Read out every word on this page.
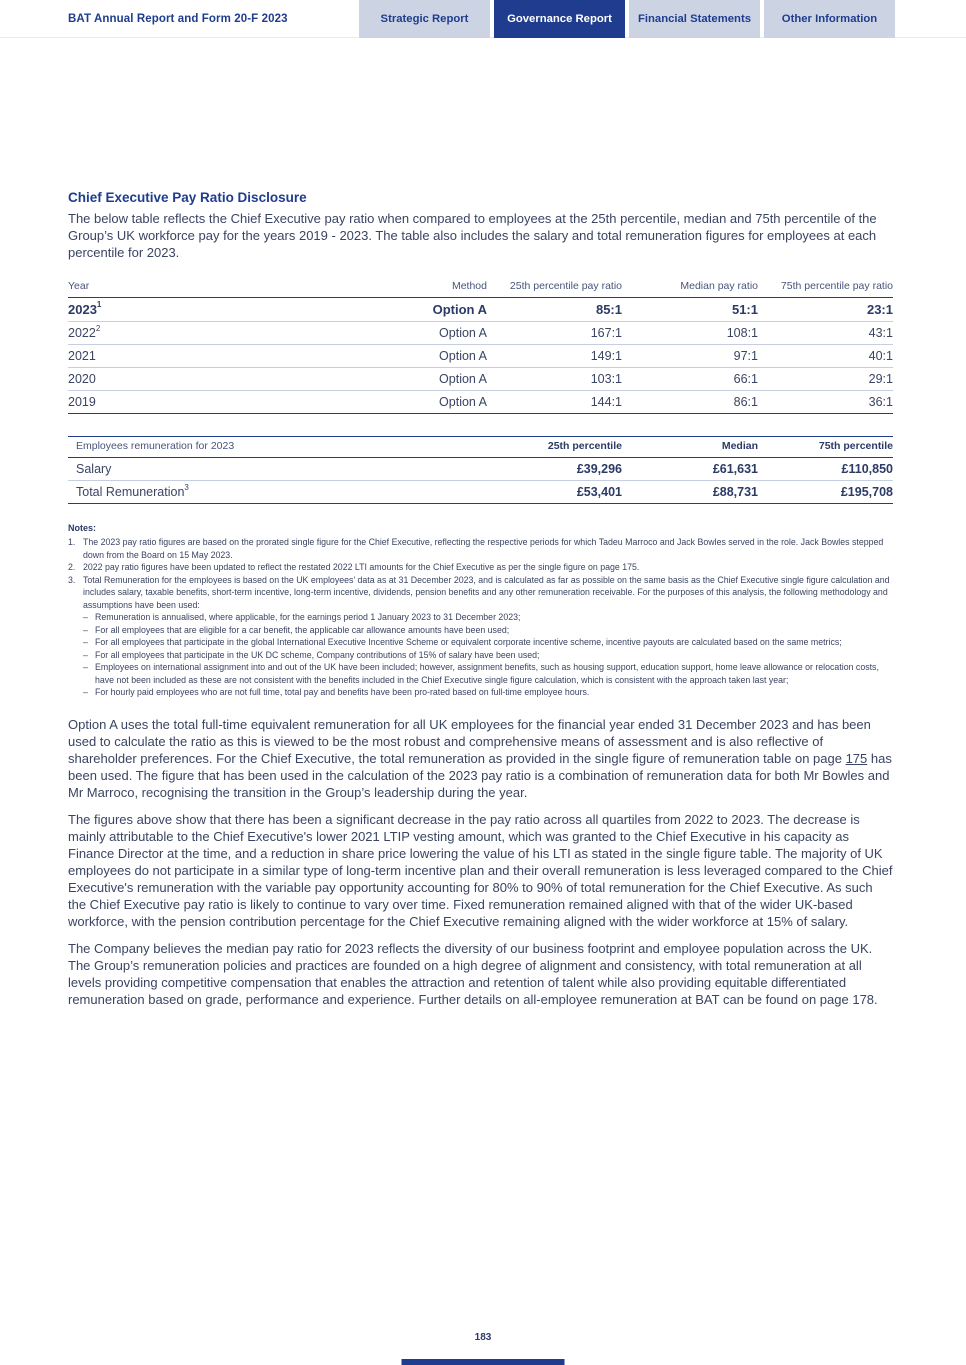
BAT Annual Report and Form 20-F 2023	Strategic Report	Governance Report	Financial Statements	Other Information
Chief Executive Pay Ratio Disclosure

The below table reflects the Chief Executive pay ratio when compared to employees at the 25th percentile, median and 75th percentile of the Group’s UK workforce pay for the years 2019 - 2023. The table also includes the salary and total remuneration figures for employees at each percentile for 2023.

Year	Method	25th percentile pay ratio	Median pay ratio	75th percentile pay ratio
2023$^1$	Option A	85:1	51:1	23:1
2022$^2$	Option A	167:1	108:1	43:1
2021	Option A	149:1	97:1	40:1
2020	Option A	103:1	66:1	29:1
2019	Option A	144:1	86:1	36:1
Employees remuneration for 2023	25th percentile	Median	75th percentile
Salary	£39,296	£61,631	£110,850
Total Remuneration$^3$	£53,401	£88,731	£195,708
Notes:
1. The 2023 pay ratio figures are based on the prorated single figure for the Chief Executive, reflecting the respective periods for which Tadeu Marroco and Jack Bowles served in the role. Jack Bowles stepped down from the Board on 15 May 2023.
2. 2022 pay ratio figures have been updated to reflect the restated 2022 LTI amounts for the Chief Executive as per the single figure on page 175.
3. Total Remuneration for the employees is based on the UK employees’ data as at 31 December 2023, and is calculated as far as possible on the same basis as the Chief Executive single figure calculation and includes salary, taxable benefits, short-term incentive, long-term incentive, dividends, pension benefits and any other remuneration receivable. For the purposes of this analysis, the following methodology and assumptions have been used:
– Remuneration is annualised, where applicable, for the earnings period 1 January 2023 to 31 December 2023;
– For all employees that are eligible for a car benefit, the applicable car allowance amounts have been used;
– For all employees that participate in the global International Executive Incentive Scheme or equivalent corporate incentive scheme, incentive payouts are calculated based on the same metrics;
– For all employees that participate in the UK DC scheme, Company contributions of 15% of salary have been used;
– Employees on international assignment into and out of the UK have been included; however, assignment benefits, such as housing support, education support, home leave allowance or relocation costs, have not been included as these are not consistent with the benefits included in the Chief Executive single figure calculation, which is consistent with the approach taken last year;
– For hourly paid employees who are not full time, total pay and benefits have been pro-rated based on full-time employee hours.

Option A uses the total full-time equivalent remuneration for all UK employees for the financial year ended 31 December 2023 and has been used to calculate the ratio as this is viewed to be the most robust and comprehensive means of assessment and is also reflective of shareholder preferences. For the Chief Executive, the total remuneration as provided in the single figure of remuneration table on page 175 has been used. The figure that has been used in the calculation of the 2023 pay ratio is a combination of remuneration data for both Mr Bowles and Mr Marroco, recognising the transition in the Group’s leadership during the year.

The figures above show that there has been a significant decrease in the pay ratio across all quartiles from 2022 to 2023. The decrease is mainly attributable to the Chief Executive's lower 2021 LTIP vesting amount, which was granted to the Chief Executive in his capacity as Finance Director at the time, and a reduction in share price lowering the value of his LTI as stated in the single figure table. The majority of UK employees do not participate in a similar type of long-term incentive plan and their overall remuneration is less leveraged compared to the Chief Executive's remuneration with the variable pay opportunity accounting for 80% to 90% of total remuneration for the Chief Executive. As such the Chief Executive pay ratio is likely to continue to vary over time. Fixed remuneration remained aligned with that of the wider UK-based workforce, with the pension contribution percentage for the Chief Executive remaining aligned with the wider workforce at 15% of salary.

The Company believes the median pay ratio for 2023 reflects the diversity of our business footprint and employee population across the UK. The Group’s remuneration policies and practices are founded on a high degree of alignment and consistency, with total remuneration at all levels providing competitive compensation that enables the attraction and retention of talent while also providing equitable differentiated remuneration based on grade, performance and experience. Further details on all-employee remuneration at BAT can be found on page 178.

183
